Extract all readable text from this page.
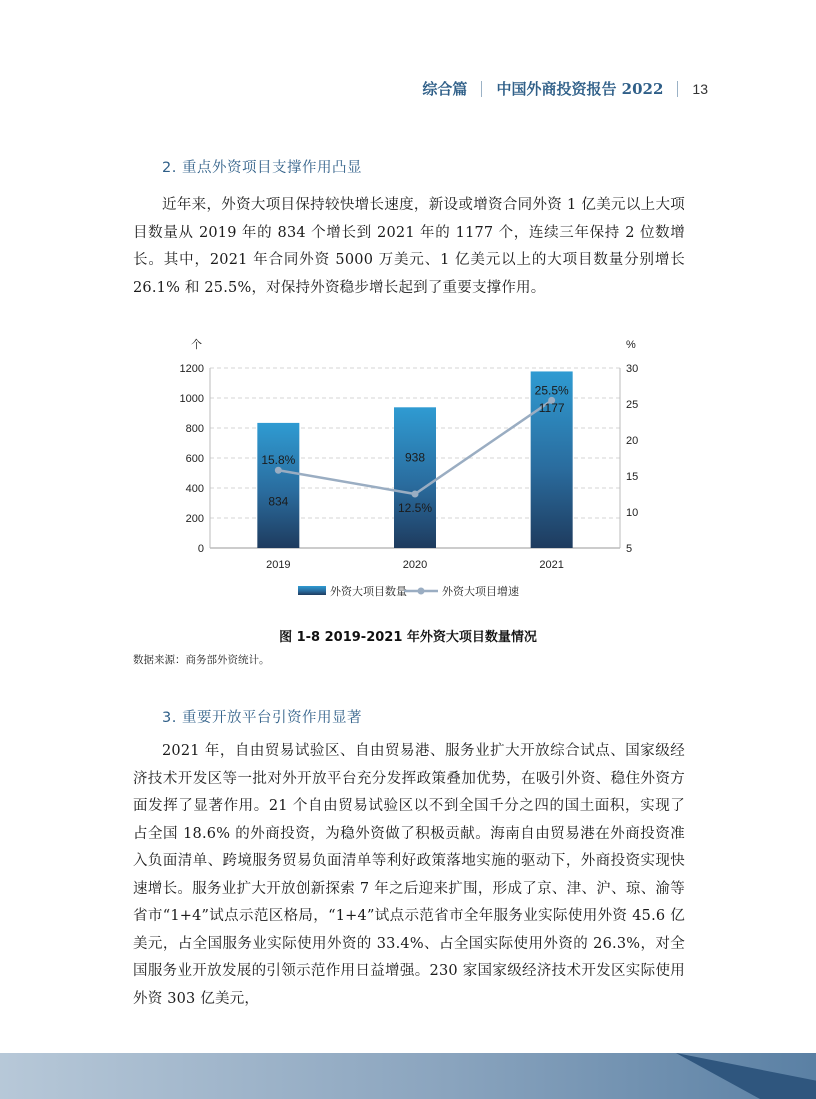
综合篇 中国外商投资报告 2022 13
2. 重点外资项目支撑作用凸显

近年来，外资大项目保持较快增长速度，新设或增资合同外资 1 亿美元以上大项目数量从 2019 年的 834 个增长到 2021 年的 1177 个，连续三年保持 2 位数增长。其中，2021 年合同外资 5000 万美元、1 亿美元以上的大项目数量分别增长 26.1% 和 25.5%，对保持外资稳步增长起到了重要支撑作用。

0
200
400
600
800
1000
1200
5
10
15
20
25
30
个	%
2019	2020	2021
834
938
1177
15.8%
12.5%
25.5%
外资大项目数量	外资大项目增速
图 1-8 2019-2021 年外资大项目数量情况
数据来源：商务部外资统计。
3. 重要开放平台引资作用显著

2021 年，自由贸易试验区、自由贸易港、服务业扩大开放综合试点、国家级经济技术开发区等一批对外开放平台充分发挥政策叠加优势，在吸引外资、稳住外资方面发挥了显著作用。21 个自由贸易试验区以不到全国千分之四的国土面积，实现了占全国 18.6% 的外商投资，为稳外资做了积极贡献。海南自由贸易港在外商投资准入负面清单、跨境服务贸易负面清单等利好政策落地实施的驱动下，外商投资实现快速增长。服务业扩大开放创新探索 7 年之后迎来扩围，形成了京、津、沪、琼、渝等省市“1+4”试点示范区格局，“1+4”试点示范省市全年服务业实际使用外资 45.6 亿美元，占全国服务业实际使用外资的 33.4%、占全国实际使用外资的 26.3%，对全国服务业开放发展的引领示范作用日益增强。230 家国家级经济技术开发区实际使用外资 303 亿美元，
